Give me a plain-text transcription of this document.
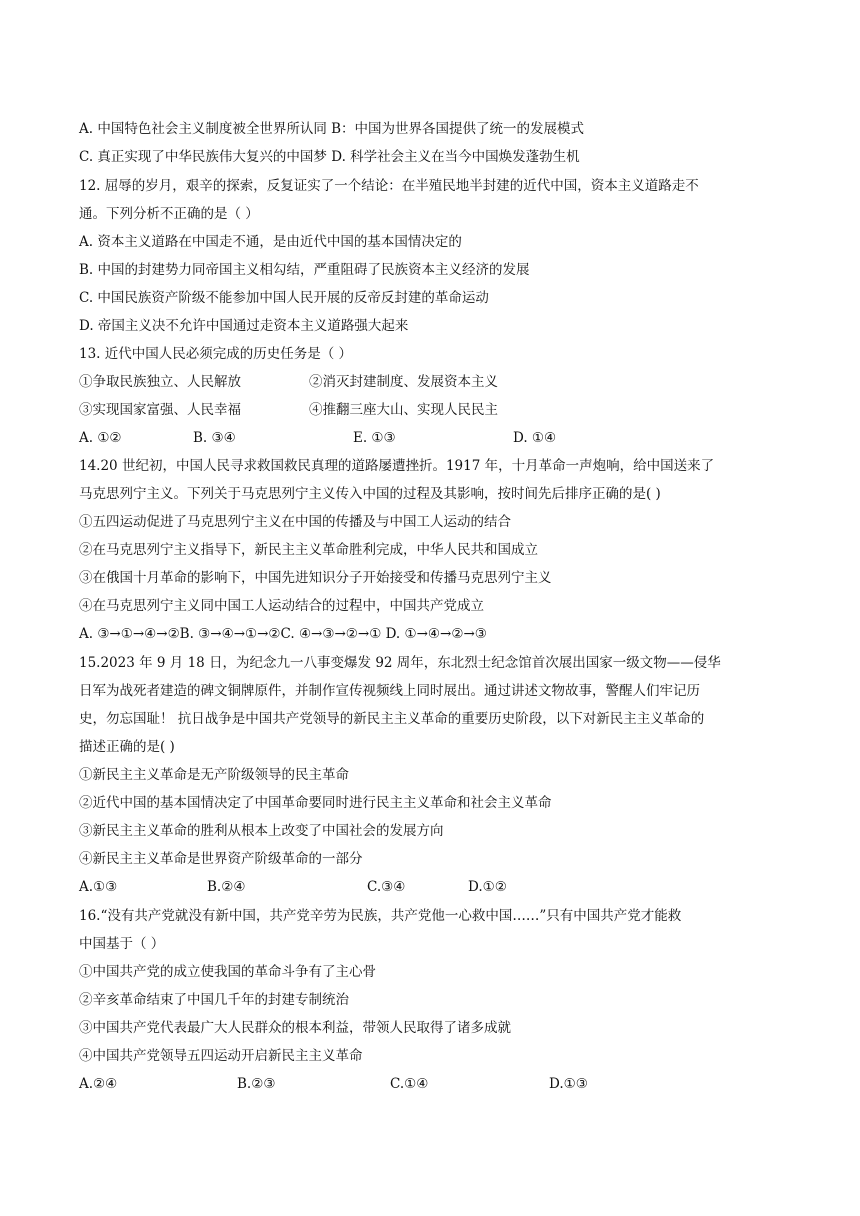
A. 中国特色社会主义制度被全世界所认同 B：中国为世界各国提供了统一的发展模式
C. 真正实现了中华民族伟大复兴的中国梦 D. 科学社会主义在当今中国焕发蓬勃生机
12. 屈辱的岁月，艰辛的探索，反复证实了一个结论：在半殖民地半封建的近代中国，资本主义道路走不
通。下列分析不正确的是（ ）
A. 资本主义道路在中国走不通，是由近代中国的基本国情决定的
B. 中国的封建势力同帝国主义相勾结，严重阻碍了民族资本主义经济的发展
C. 中国民族资产阶级不能参加中国人民开展的反帝反封建的革命运动
D. 帝国主义决不允许中国通过走资本主义道路强大起来
13. 近代中国人民必须完成的历史任务是（ ）
①争取民族独立、人民解放	②消灭封建制度、发展资本主义
③实现国家富强、人民幸福	④推翻三座大山、实现人民民主
A. ①②	B. ③④	E. ①③	D. ①④
14.20 世纪初，中国人民寻求救国救民真理的道路屡遭挫折。1917 年，十月革命一声炮响，给中国送来了
马克思列宁主义。下列关于马克思列宁主义传入中国的过程及其影响，按时间先后排序正确的是( )
①五四运动促进了马克思列宁主义在中国的传播及与中国工人运动的结合
②在马克思列宁主义指导下，新民主主义革命胜利完成，中华人民共和国成立
③在俄国十月革命的影响下，中国先进知识分子开始接受和传播马克思列宁主义
④在马克思列宁主义同中国工人运动结合的过程中，中国共产党成立
A. ③→①→④→②B. ③→④→①→②C. ④→③→②→① D. ①→④→②→③
15.2023 年 9 月 18 日，为纪念九一八事变爆发 92 周年，东北烈士纪念馆首次展出国家一级文物——侵华
日军为战死者建造的碑文铜牌原件，并制作宣传视频线上同时展出。通过讲述文物故事，警醒人们牢记历
史，勿忘国耻！ 抗日战争是中国共产党领导的新民主主义革命的重要历史阶段，以下对新民主主义革命的
描述正确的是( )
①新民主主义革命是无产阶级领导的民主革命
②近代中国的基本国情决定了中国革命要同时进行民主主义革命和社会主义革命
③新民主主义革命的胜利从根本上改变了中国社会的发展方向
④新民主主义革命是世界资产阶级革命的一部分
A.①③	B.②④	C.③④	D.①②
16.“没有共产党就没有新中国，共产党辛劳为民族，共产党他一心救中国……”只有中国共产党才能救
中国基于（ ）
①中国共产党的成立使我国的革命斗争有了主心骨
②辛亥革命结束了中国几千年的封建专制统治
③中国共产党代表最广大人民群众的根本利益，带领人民取得了诸多成就
④中国共产党领导五四运动开启新民主主义革命
A.②④	B.②③	C.①④	D.①③
